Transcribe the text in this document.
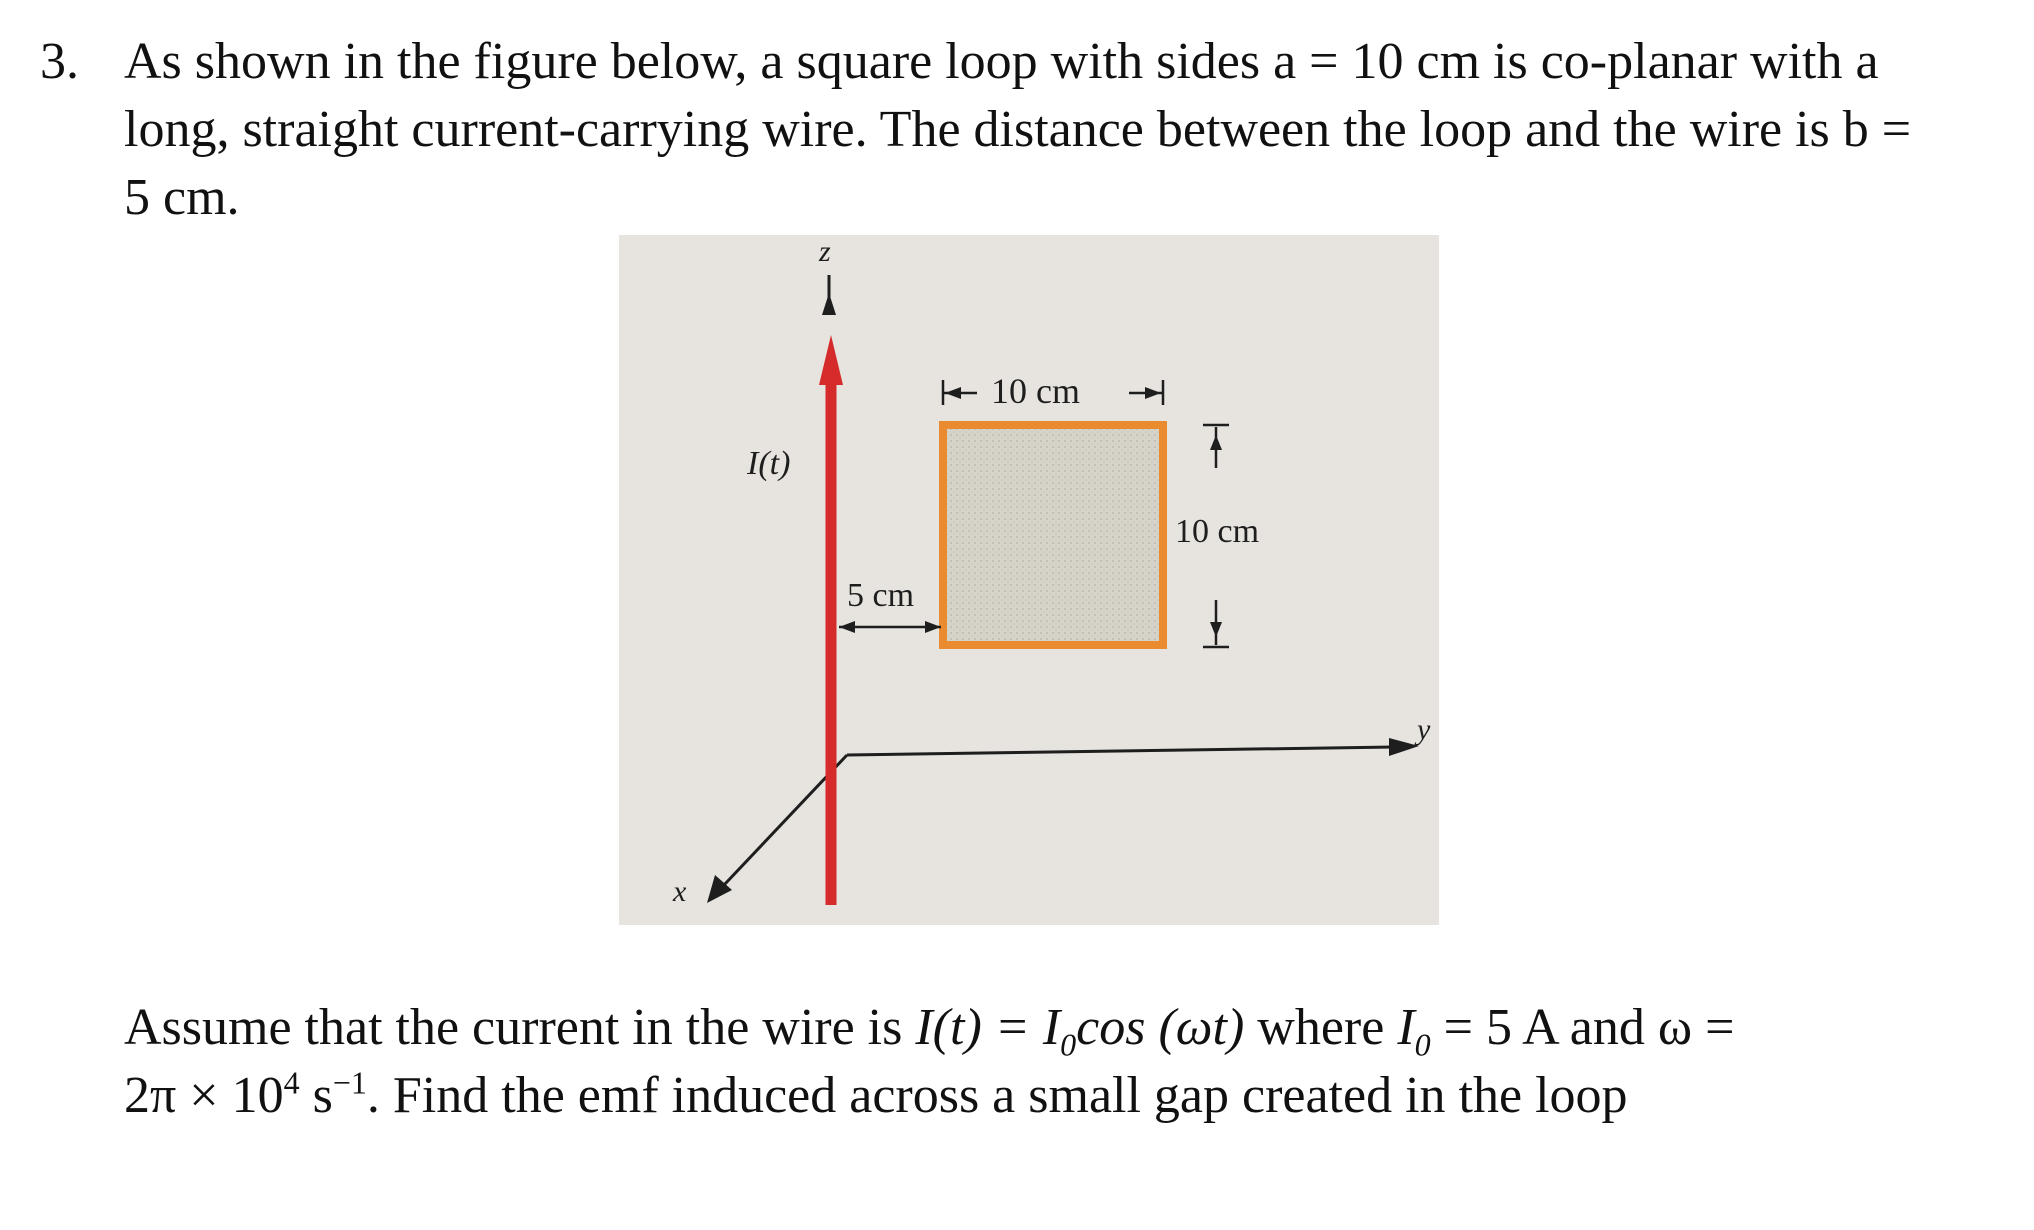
3. As shown in the figure below, a square loop with sides a = 10 cm is co-planar with a
long, straight current-carrying wire. The distance between the loop and the wire is b =
5 cm.
z
y
x
I(t)
10 cm
10 cm
5 cm
Assume that the current in the wire is $I(t) = I_0\cos$ (ωt) where $I_0 = 5$ A and ω =
$2\pi \times 10^4$ $s^{-1}$. Find the emf induced across a small gap created in the loop
